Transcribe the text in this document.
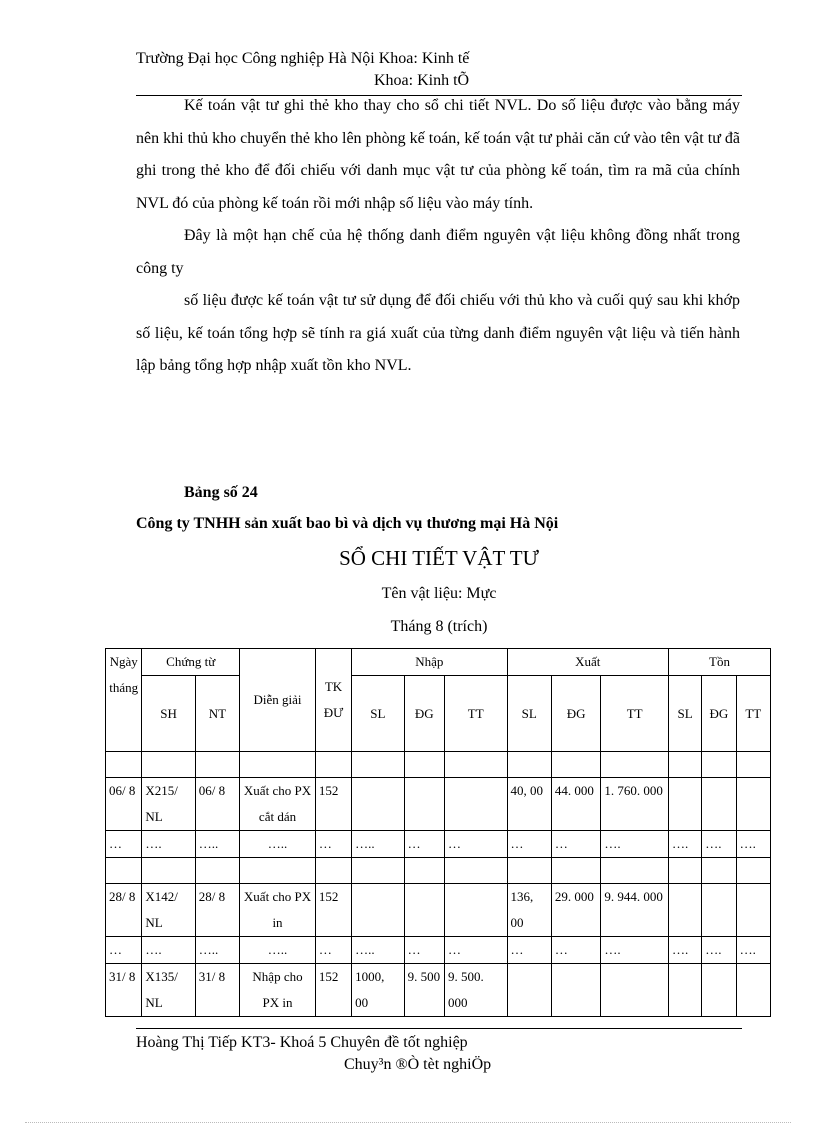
Trường Đại học Công nghiệp Hà Nội Khoa: Kinh tế
Khoa: Kinh tÕ

Kế toán vật tư ghi thẻ kho thay cho sổ chi tiết NVL. Do số liệu được vào bằng máy nên khi thủ kho chuyển thẻ kho lên phòng kế toán, kế toán vật tư phải căn cứ vào tên vật tư đã ghi trong thẻ kho để đối chiếu với danh mục vật tư của phòng kế toán, tìm ra mã của chính NVL đó của phòng kế toán rồi mới nhập số liệu vào máy tính.

Đây là một hạn chế của hệ thống danh điểm nguyên vật liệu không đồng nhất trong công ty

số liệu được kế toán vật tư sử dụng để đối chiếu với thủ kho và cuối quý sau khi khớp số liệu, kế toán tổng hợp sẽ tính ra giá xuất của từng danh điểm nguyên vật liệu và tiến hành lập bảng tổng hợp nhập xuất tồn kho NVL.

Bảng số 24
Công ty TNHH sản xuất bao bì và dịch vụ thương mại Hà Nội
SỔ CHI TIẾT VẬT TƯ
Tên vật liệu: Mực
Tháng 8 (trích)
Ngày tháng	Chứng từ		Diễn giải	TK ĐƯ	Nhập			Xuất			Tồn		
	SH	NT			SL	ĐG	TT	SL	ĐG	TT	SL	ĐG	TT

06/ 8	X215/ NL	06/ 8	Xuất cho PX cắt dán	152				40, 00	44. 000	1. 760. 000			
…	….	…..	…..	…	…..	…	…	…	…	….	….	….	….

28/ 8	X142/ NL	28/ 8	Xuất cho PX in	152				136, 00	29. 000	9. 944. 000			
…	….	…..	…..	…	…..	…	…	…	…	….	….	….	….
31/ 8	X135/ NL	31/ 8	Nhập cho PX in	152	1000, 00	9. 500	9. 500. 000						
Hoàng Thị Tiếp KT3- Khoá 5 Chuyên đề tốt nghiệp
Chuy³n ®Ò tèt nghiÖp
